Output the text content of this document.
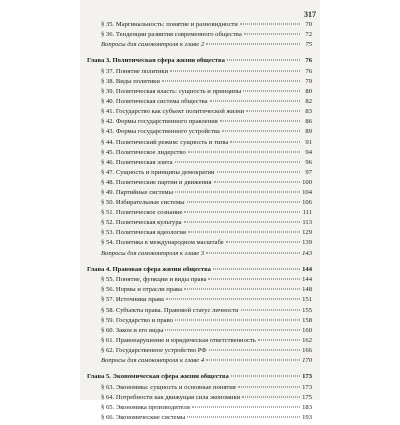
317
§ 35. Маргинальность: понятие и разновидности	70
§ 36. Тенденции развития современного общества	72
Вопросы для самоконтроля к главе 2	75
Глава 3. Политическая сфера жизни общества	76
§ 37. Понятие политики	76
§ 38. Виды политики	79
§ 39. Политическая власть: сущность и принципы	80
§ 40. Политическая система общества	82
§ 41. Государство как субъект политической жизни	83
§ 42. Формы государственного правления	86
§ 43. Формы государственного устройства	89
§ 44. Политический режим: сущность и типы	91
§ 45. Политическое лидерство	94
§ 46. Политическая элита	96
§ 47. Сущность и принципы демократии	97
§ 48. Политические партии и движения	100
§ 49. Партийные системы	104
§ 50. Избирательные системы	106
§ 51. Политическое сознание	111
§ 52. Политическая культура	113
§ 53. Политическая идеология	129
§ 54. Политика в международном масштабе	139
Вопросы для самоконтроля к главе 3	143
Глава 4. Правовая сфера жизни общества	144
§ 55. Понятие, функции и виды права	144
§ 56. Нормы и отрасли права	148
§ 57. Источники права	151
§ 58. Субъекты права. Правовой статус личности	155
§ 59. Государство и право	158
§ 60. Закон и его виды	160
§ 61. Правонарушение и юридическая ответственность	162
§ 62. Государственное устройство РФ	166
Вопросы для самоконтроля к главе 4	170
Глава 5. Экономическая сфера жизни общества	173
§ 63. Экономика: сущность и основные понятия	173
§ 64. Потребности как движущая сила экономики	175
§ 65. Экономика производителя	183
§ 66. Экономические системы	193
